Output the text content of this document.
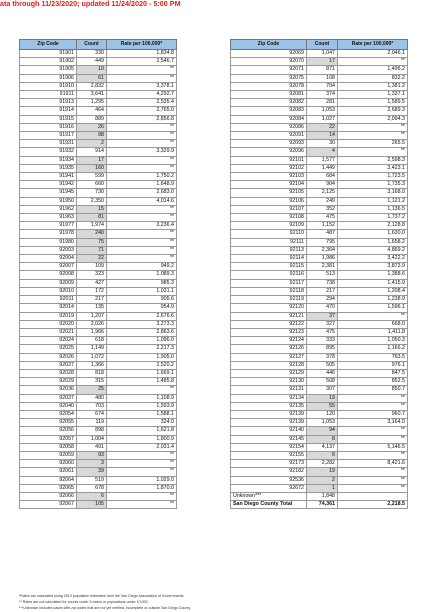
ata through 11/23/2020; updated 11/24/2020 - 5:00 PM
Zip Code	Count	Rate per 100,000*
91901	330	1,834.8
91902	449	2,546.7
91905	10	**
91906	61	**
91910	2,832	3,378.1
91911	3,641	4,292.7
91913	1,295	2,535.4
91914	464	2,765.0
91915	889	2,856.8
91916	26	**
91917	98	**
91931	2	**
91932	914	3,329.9
91934	17	**
91935	160	**
91941	599	1,750.2
91942	660	1,648.9
91945	730	2,683.0
91950	2,350	4,014.6
91962	15	**
91963	81	**
91977	1,974	3,236.4
91978	240	**
91980	75	**
92003	71	**
92004	22	**
92007	109	949.2
92008	323	1,089.3
92009	427	985.3
92010	172	1,031.1
92011	217	905.6
92014	135	954.9
92019	1,207	2,676.6
92020	2,026	3,273.3
92021	1,966	2,863.6
92024	618	1,096.0
92025	1,149	2,217.3
92026	1,072	1,905.0
92027	1,366	2,520.2
92028	818	1,669.1
92029	315	1,485.8
92036	25	**
92037	480	1,108.9
92040	703	1,593.9
92054	674	1,588.1
92055	119	324.0
92056	898	1,621.8
92057	1,004	1,800.9
92058	491	2,031.4
92059	93	**
92060	3	**
92061	39	**
92064	519	1,029.0
92065	678	1,870.0
92066	6	**
92067	105	**
Zip Code	Count	Rate per 100,000*
92069	1,047	2,046.1
92070	17	**
92071	871	1,496.2
92075	108	832.2
92078	704	1,381.2
92081	374	1,337.1
92082	281	1,589.5
92083	1,053	2,689.3
92084	1,027	2,094.3
92086	22	**
92091	14	**
92093	30	265.5
92096	4	**
92101	1,577	2,598.3
92102	1,449	3,423.1
92103	684	1,723.5
92104	904	1,735.3
92105	2,125	3,168.0
92106	249	1,121.2
92107	352	1,136.5
92108	475	1,737.2
92109	1,152	2,128.8
92110	487	1,630.0
92111	795	1,658.2
92113	2,364	4,869.2
92114	1,986	3,422.2
92115	2,381	3,873.9
92116	513	1,388.6
92117	738	1,415.9
92118	217	1,208.4
92119	294	1,238.9
92120	470	1,596.1
92121	37	**
92122	327	668.0
92123	475	1,411.8
92124	333	1,050.3
92126	895	1,166.2
92127	378	763.5
92128	505	976.1
92129	446	847.5
92130	508	852.5
92131	307	850.7
92134	19	**
92135	55	**
92139	120	960.7
92139	1,053	3,164.0
92140	94	**
92145	8	**
92154	4,137	5,146.5
92155	6	**
92173	2,282	8,421.6
92182	19	**
92536	2	**
92672	1	**
Unknown***	1,848	
San Diego County Total	74,361	2,218.5
*Rates are calculated using 2019 population estimates from the San Diego Association of Governments.
** Rates are not calculated for counts under 5 cases or populations under 10,000.
***Unknown includes cases with zip codes that are not yet verified, incomplete or outside San Diego County.
